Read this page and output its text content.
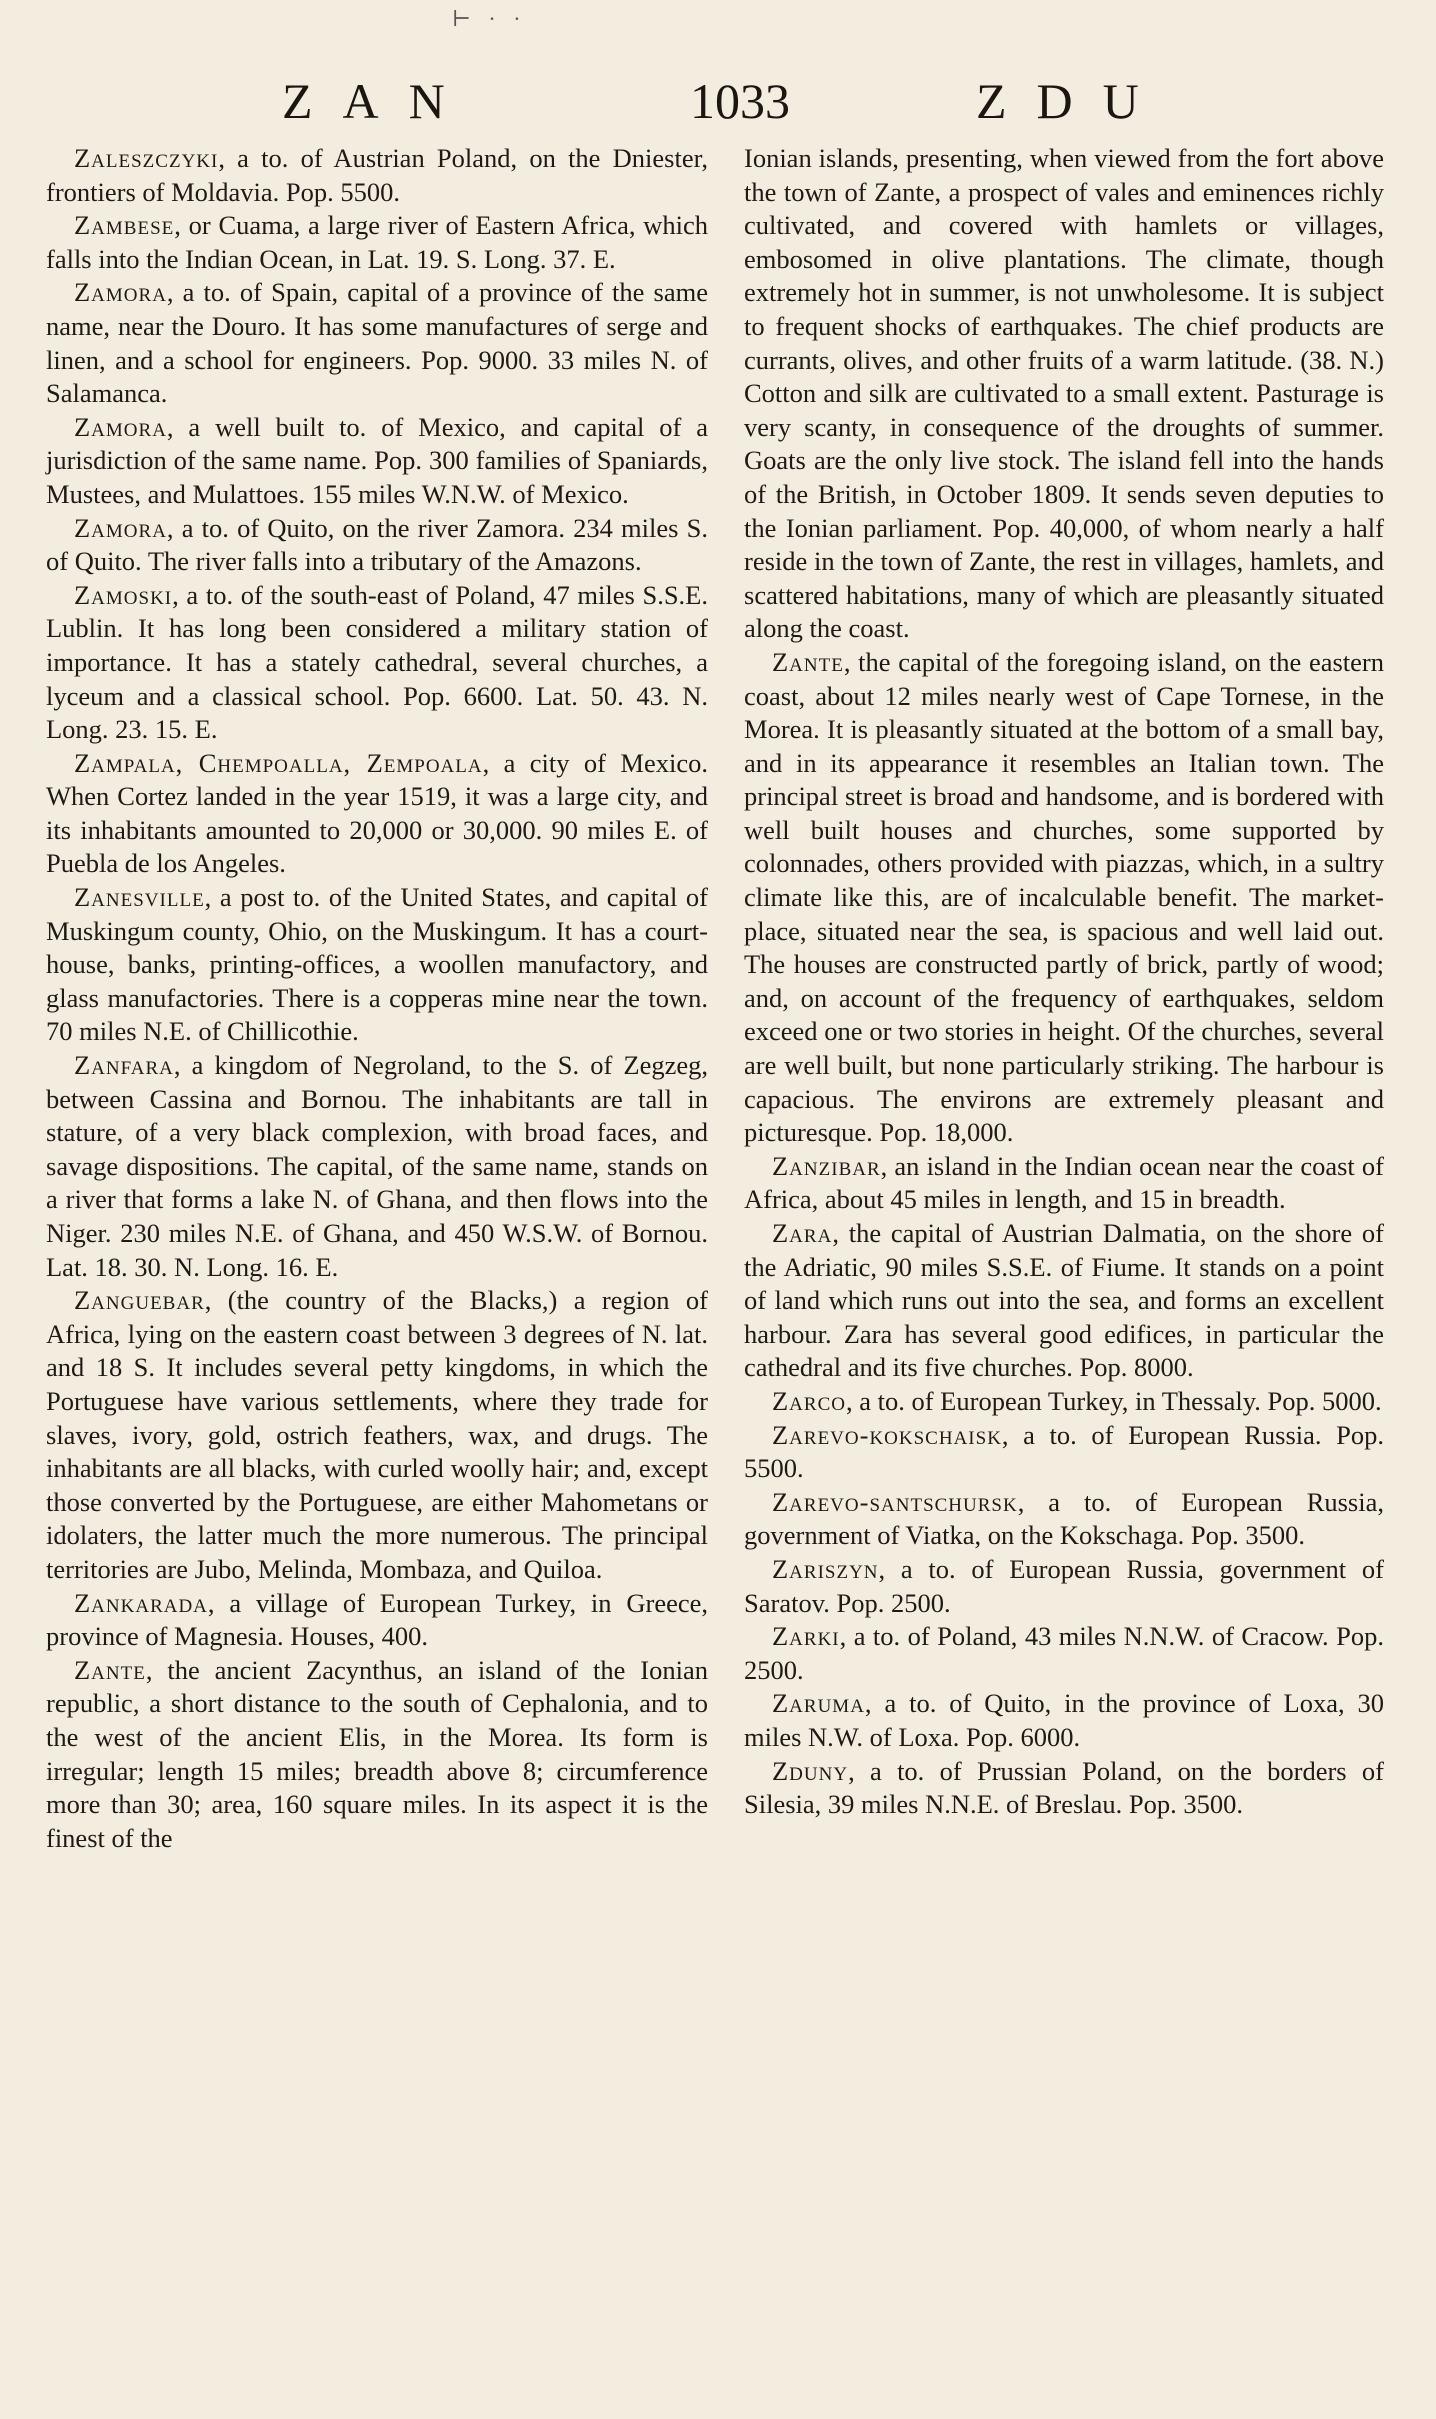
⊢ · ·
ZAN	1033	ZDU

Zaleszczyki, a to. of Austrian Poland, on the Dniester, frontiers of Moldavia. Pop. 5500.

Zambese, or Cuama, a large river of Eastern Africa, which falls into the Indian Ocean, in Lat. 19. S. Long. 37. E.

Zamora, a to. of Spain, capital of a province of the same name, near the Douro. It has some manufactures of serge and linen, and a school for engineers. Pop. 9000. 33 miles N. of Salamanca.

Zamora, a well built to. of Mexico, and capital of a jurisdiction of the same name. Pop. 300 families of Spaniards, Mustees, and Mulattoes. 155 miles W.N.W. of Mexico.

Zamora, a to. of Quito, on the river Zamora. 234 miles S. of Quito. The river falls into a tributary of the Amazons.

Zamoski, a to. of the south-east of Poland, 47 miles S.S.E. Lublin. It has long been considered a military station of importance. It has a stately cathedral, several churches, a lyceum and a classical school. Pop. 6600. Lat. 50. 43. N. Long. 23. 15. E.

Zampala, Chempoalla, Zempoala, a city of Mexico. When Cortez landed in the year 1519, it was a large city, and its inhabitants amounted to 20,000 or 30,000. 90 miles E. of Puebla de los Angeles.

Zanesville, a post to. of the United States, and capital of Muskingum county, Ohio, on the Muskingum. It has a court-house, banks, printing-offices, a woollen manufactory, and glass manufactories. There is a copperas mine near the town. 70 miles N.E. of Chillicothie.

Zanfara, a kingdom of Negroland, to the S. of Zegzeg, between Cassina and Bornou. The inhabitants are tall in stature, of a very black complexion, with broad faces, and savage dispositions. The capital, of the same name, stands on a river that forms a lake N. of Ghana, and then flows into the Niger. 230 miles N.E. of Ghana, and 450 W.S.W. of Bornou. Lat. 18. 30. N. Long. 16. E.

Zanguebar, (the country of the Blacks,) a region of Africa, lying on the eastern coast between 3 degrees of N. lat. and 18 S. It includes several petty kingdoms, in which the Portuguese have various settlements, where they trade for slaves, ivory, gold, ostrich feathers, wax, and drugs. The inhabitants are all blacks, with curled woolly hair; and, except those converted by the Portuguese, are either Mahometans or idolaters, the latter much the more numerous. The principal territories are Jubo, Melinda, Mombaza, and Quiloa.

Zankarada, a village of European Turkey, in Greece, province of Magnesia. Houses, 400.

Zante, the ancient Zacynthus, an island of the Ionian republic, a short distance to the south of Cephalonia, and to the west of the ancient Elis, in the Morea. Its form is irregular; length 15 miles; breadth above 8; circumference more than 30; area, 160 square miles. In its aspect it is the finest of the

Ionian islands, presenting, when viewed from the fort above the town of Zante, a prospect of vales and eminences richly cultivated, and covered with hamlets or villages, embosomed in olive plantations. The climate, though extremely hot in summer, is not unwholesome. It is subject to frequent shocks of earthquakes. The chief products are currants, olives, and other fruits of a warm latitude. (38. N.) Cotton and silk are cultivated to a small extent. Pasturage is very scanty, in consequence of the droughts of summer. Goats are the only live stock. The island fell into the hands of the British, in October 1809. It sends seven deputies to the Ionian parliament. Pop. 40,000, of whom nearly a half reside in the town of Zante, the rest in villages, hamlets, and scattered habitations, many of which are pleasantly situated along the coast.

Zante, the capital of the foregoing island, on the eastern coast, about 12 miles nearly west of Cape Tornese, in the Morea. It is pleasantly situated at the bottom of a small bay, and in its appearance it resembles an Italian town. The principal street is broad and handsome, and is bordered with well built houses and churches, some supported by colonnades, others provided with piazzas, which, in a sultry climate like this, are of incalculable benefit. The market-place, situated near the sea, is spacious and well laid out. The houses are constructed partly of brick, partly of wood; and, on account of the frequency of earthquakes, seldom exceed one or two stories in height. Of the churches, several are well built, but none particularly striking. The harbour is capacious. The environs are extremely pleasant and picturesque. Pop. 18,000.

Zanzibar, an island in the Indian ocean near the coast of Africa, about 45 miles in length, and 15 in breadth.

Zara, the capital of Austrian Dalmatia, on the shore of the Adriatic, 90 miles S.S.E. of Fiume. It stands on a point of land which runs out into the sea, and forms an excellent harbour. Zara has several good edifices, in particular the cathedral and its five churches. Pop. 8000.

Zarco, a to. of European Turkey, in Thessaly. Pop. 5000.

Zarevo-kokschaisk, a to. of European Russia. Pop. 5500.

Zarevo-santschursk, a to. of European Russia, government of Viatka, on the Kokschaga. Pop. 3500.

Zariszyn, a to. of European Russia, government of Saratov. Pop. 2500.

Zarki, a to. of Poland, 43 miles N.N.W. of Cracow. Pop. 2500.

Zaruma, a to. of Quito, in the province of Loxa, 30 miles N.W. of Loxa. Pop. 6000.

Zduny, a to. of Prussian Poland, on the borders of Silesia, 39 miles N.N.E. of Breslau. Pop. 3500.
